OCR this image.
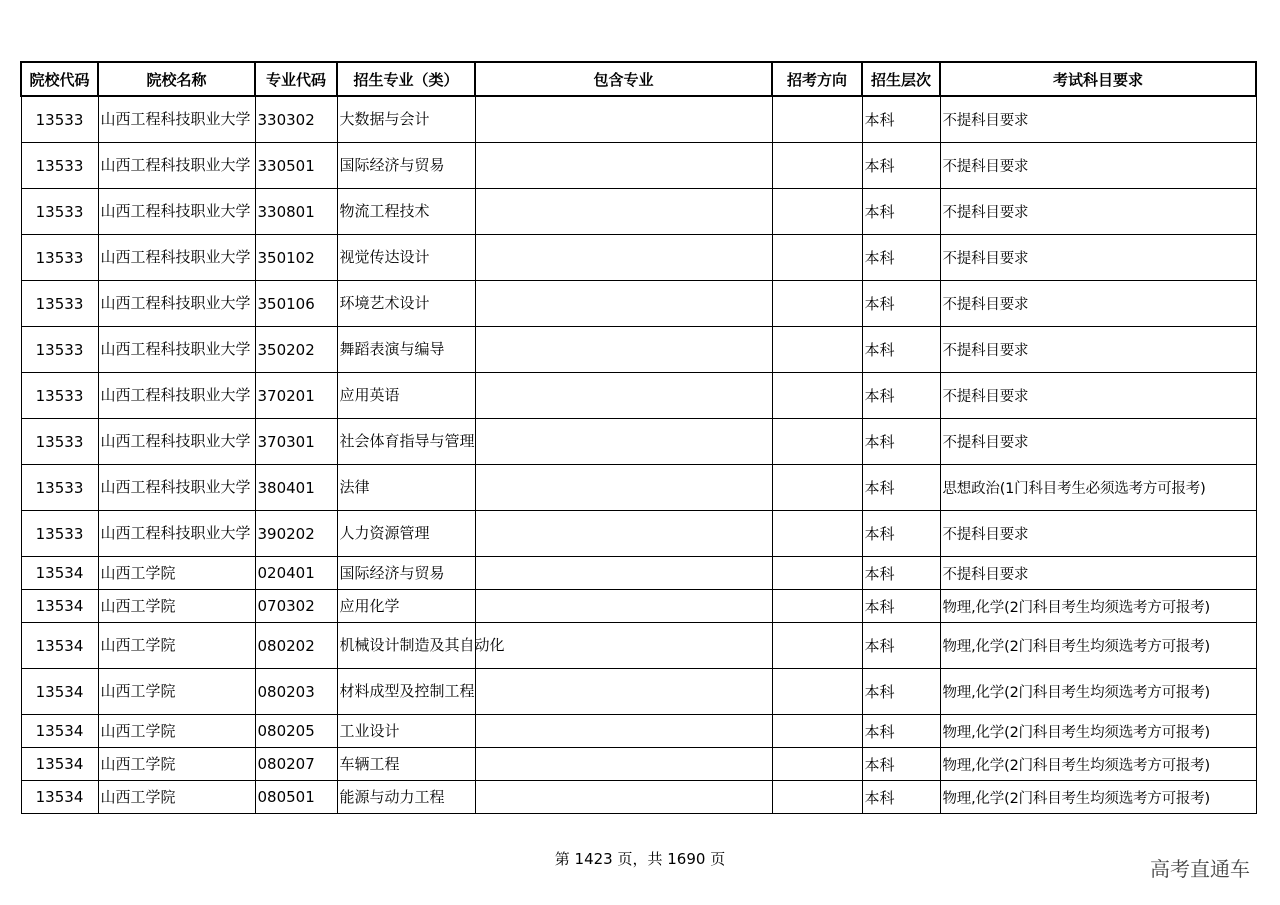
院校代码	院校名称	专业代码	招生专业（类）	包含专业	招考方向	招生层次	考试科目要求
13533	山西工程科技职业大学	330302	大数据与会计			本科	不提科目要求
13533	山西工程科技职业大学	330501	国际经济与贸易			本科	不提科目要求
13533	山西工程科技职业大学	330801	物流工程技术			本科	不提科目要求
13533	山西工程科技职业大学	350102	视觉传达设计			本科	不提科目要求
13533	山西工程科技职业大学	350106	环境艺术设计			本科	不提科目要求
13533	山西工程科技职业大学	350202	舞蹈表演与编导			本科	不提科目要求
13533	山西工程科技职业大学	370201	应用英语			本科	不提科目要求
13533	山西工程科技职业大学	370301	社会体育指导与管理			本科	不提科目要求
13533	山西工程科技职业大学	380401	法律			本科	思想政治(1门科目考生必须选考方可报考)
13533	山西工程科技职业大学	390202	人力资源管理			本科	不提科目要求
13534	山西工学院	020401	国际经济与贸易			本科	不提科目要求
13534	山西工学院	070302	应用化学			本科	物理,化学(2门科目考生均须选考方可报考)
13534	山西工学院	080202	机械设计制造及其自动化			本科	物理,化学(2门科目考生均须选考方可报考)
13534	山西工学院	080203	材料成型及控制工程			本科	物理,化学(2门科目考生均须选考方可报考)
13534	山西工学院	080205	工业设计			本科	物理,化学(2门科目考生均须选考方可报考)
13534	山西工学院	080207	车辆工程			本科	物理,化学(2门科目考生均须选考方可报考)
13534	山西工学院	080501	能源与动力工程			本科	物理,化学(2门科目考生均须选考方可报考)
第 1423 页，共 1690 页	高考直通车
